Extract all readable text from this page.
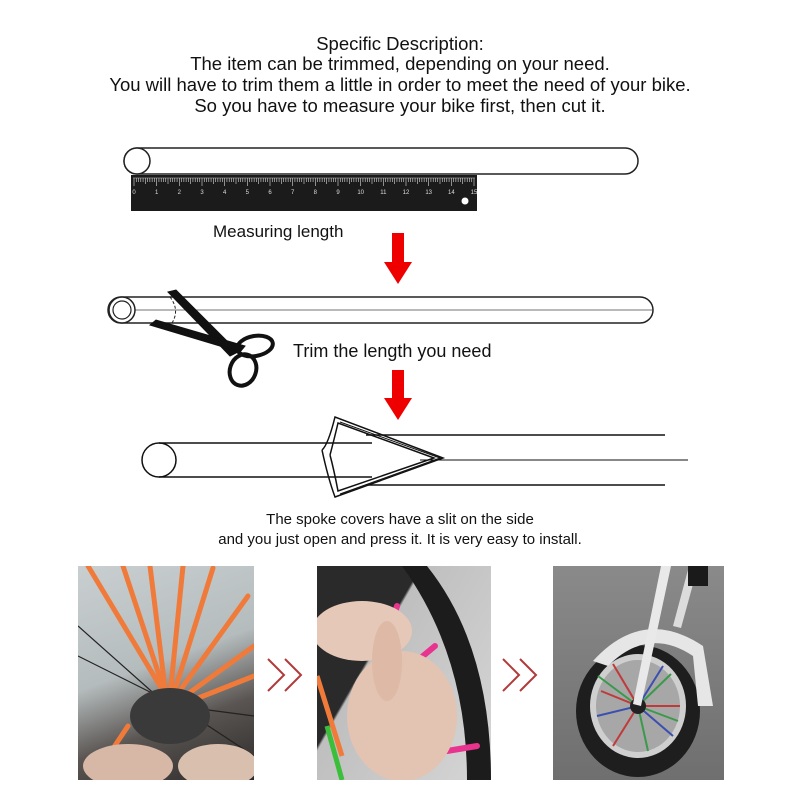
Specific Description:
The item can be trimmed, depending on your need.
You will have to trim them a little in order to meet the need of your bike.
So you have to measure your bike first, then cut it.
0	1	2	3	4	5	6	7	8	9	10	11	12	13	14	15
Measuring length
Trim the length you need
The spoke covers have a slit on the side
and you just open and press it. It is very easy to install.
